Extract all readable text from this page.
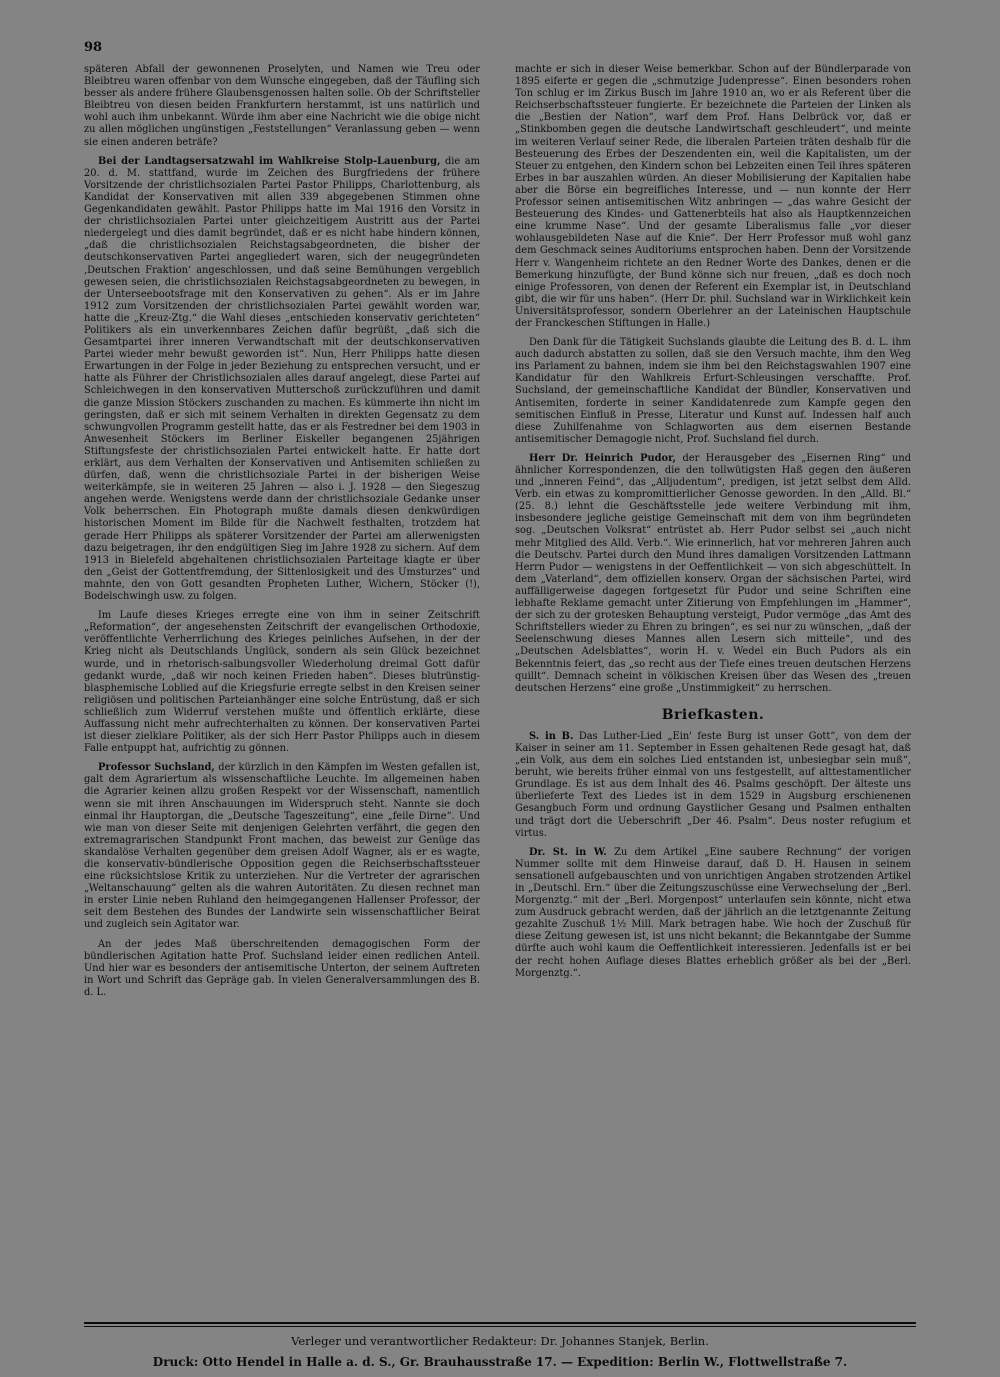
98

späteren Abfall der gewonnenen Proselyten, und Namen wie Treu oder Bleibtreu waren offenbar von dem Wunsche eingegeben, daß der Täufling sich besser als andere frühere Glaubensgenossen halten solle. Ob der Schriftsteller Bleibtreu von diesen beiden Frankfurtern herstammt, ist uns natürlich und wohl auch ihm unbekannt. Würde ihm aber eine Nachricht wie die obige nicht zu allen möglichen ungünstigen „Feststellungen“ Veranlassung geben — wenn sie einen anderen beträfe?

Bei der Landtagsersatzwahl im Wahlkreise Stolp-Lauenburg, die am 20. d. M. stattfand, wurde im Zeichen des Burgfriedens der frühere Vorsitzende der christlichsozialen Partei Pastor Philipps, Charlottenburg, als Kandidat der Konservativen mit allen 339 abgegebenen Stimmen ohne Gegenkandidaten gewählt. Pastor Philipps hatte im Mai 1916 den Vorsitz in der christlichsozialen Partei unter gleichzeitigem Austritt aus der Partei niedergelegt und dies damit begründet, daß er es nicht habe hindern können, „daß die christlichsozialen Reichstagsabgeordneten, die bisher der deutschkonservativen Partei angegliedert waren, sich der neugegründeten ‚Deutschen Fraktion‘ angeschlossen, und daß seine Bemühungen vergeblich gewesen seien, die christlichsozialen Reichstagsabgeordneten zu bewegen, in der Unterseebootsfrage mit den Konservativen zu gehen“. Als er im Jahre 1912 zum Vorsitzenden der christlichsozialen Partei gewählt worden war, hatte die „Kreuz-Ztg.“ die Wahl dieses „entschieden konservativ gerichteten“ Politikers als ein unverkennbares Zeichen dafür begrüßt, „daß sich die Gesamtpartei ihrer inneren Verwandtschaft mit der deutschkonservativen Partei wieder mehr bewußt geworden ist“. Nun, Herr Philipps hatte diesen Erwartungen in der Folge in jeder Beziehung zu entsprechen versucht, und er hatte als Führer der Christlichsozialen alles darauf angelegt, diese Partei auf Schleichwegen in den konservativen Mutterschoß zurückzuführen und damit die ganze Mission Stöckers zuschanden zu machen. Es kümmerte ihn nicht im geringsten, daß er sich mit seinem Verhalten in direkten Gegensatz zu dem schwungvollen Programm gestellt hatte, das er als Festredner bei dem 1903 in Anwesenheit Stöckers im Berliner Eiskeller begangenen 25jährigen Stiftungsfeste der christlichsozialen Partei entwickelt hatte. Er hatte dort erklärt, aus dem Verhalten der Konservativen und Antisemiten schließen zu dürfen, daß, wenn die christlichsoziale Partei in der bisherigen Weise weiterkämpfe, sie in weiteren 25 Jahren — also i. J. 1928 — den Siegeszug angehen werde. Wenigstens werde dann der christlichsoziale Gedanke unser Volk beherrschen. Ein Photograph mußte damals diesen denkwürdigen historischen Moment im Bilde für die Nachwelt festhalten, trotzdem hat gerade Herr Philipps als späterer Vorsitzender der Partei am allerwenigsten dazu beigetragen, ihr den endgültigen Sieg im Jahre 1928 zu sichern. Auf dem 1913 in Bielefeld abgehaltenen christlichsozialen Parteitage klagte er über den „Geist der Gottentfremdung, der Sittenlosigkeit und des Umsturzes“ und mahnte, den von Gott gesandten Propheten Luther, Wichern, Stöcker (!), Bodelschwingh usw. zu folgen.

Im Laufe dieses Krieges erregte eine von ihm in seiner Zeitschrift „Reformation“, der angesehensten Zeitschrift der evangelischen Orthodoxie, veröffentlichte Verherrlichung des Krieges peinliches Aufsehen, in der der Krieg nicht als Deutschlands Unglück, sondern als sein Glück bezeichnet wurde, und in rhetorisch-salbungsvoller Wiederholung dreimal Gott dafür gedankt wurde, „daß wir noch keinen Frieden haben“. Dieses blutrünstig-blasphemische Loblied auf die Kriegsfurie erregte selbst in den Kreisen seiner religiösen und politischen Parteianhänger eine solche Entrüstung, daß er sich schließlich zum Widerruf verstehen mußte und öffentlich erklärte, diese Auffassung nicht mehr aufrechterhalten zu können. Der konservativen Partei ist dieser zielklare Politiker, als der sich Herr Pastor Philipps auch in diesem Falle entpuppt hat, aufrichtig zu gönnen.

Professor Suchsland, der kürzlich in den Kämpfen im Westen gefallen ist, galt dem Agrariertum als wissenschaftliche Leuchte. Im allgemeinen haben die Agrarier keinen allzu großen Respekt vor der Wissenschaft, namentlich wenn sie mit ihren Anschauungen im Widerspruch steht. Nannte sie doch einmal ihr Hauptorgan, die „Deutsche Tageszeitung“, eine „feile Dirne“. Und wie man von dieser Seite mit denjenigen Gelehrten verfährt, die gegen den extremagrarischen Standpunkt Front machen, das beweist zur Genüge das skandalöse Verhalten gegenüber dem greisen Adolf Wagner, als er es wagte, die konservativ-bündlerische Opposition gegen die Reichserbschaftssteuer eine rücksichtslose Kritik zu unterziehen. Nur die Vertreter der agrarischen „Weltanschauung“ gelten als die wahren Autoritäten. Zu diesen rechnet man in erster Linie neben Ruhland den heimgegangenen Hallenser Professor, der seit dem Bestehen des Bundes der Landwirte sein wissenschaftlicher Beirat und zugleich sein Agitator war.

An der jedes Maß überschreitenden demagogischen Form der bündlerischen Agitation hatte Prof. Suchsland leider einen redlichen Anteil. Und hier war es besonders der antisemitische Unterton, der seinem Auftreten in Wort und Schrift das Gepräge gab. In vielen Generalversammlungen des B. d. L.

machte er sich in dieser Weise bemerkbar. Schon auf der Bündlerparade von 1895 eiferte er gegen die „schmutzige Judenpresse“. Einen besonders rohen Ton schlug er im Zirkus Busch im Jahre 1910 an, wo er als Referent über die Reichserbschaftssteuer fungierte. Er bezeichnete die Parteien der Linken als die „Bestien der Nation“, warf dem Prof. Hans Delbrück vor, daß er „Stinkbomben gegen die deutsche Landwirtschaft geschleudert“, und meinte im weiteren Verlauf seiner Rede, die liberalen Parteien träten deshalb für die Besteuerung des Erbes der Deszendenten ein, weil die Kapitalisten, um der Steuer zu entgehen, den Kindern schon bei Lebzeiten einen Teil ihres späteren Erbes in bar auszahlen würden. An dieser Mobilisierung der Kapitalien habe aber die Börse ein begreifliches Interesse, und — nun konnte der Herr Professor seinen antisemitischen Witz anbringen — „das wahre Gesicht der Besteuerung des Kindes- und Gattenerbteils hat also als Hauptkennzeichen eine krumme Nase“. Und der gesamte Liberalismus falle „vor dieser wohlausgebildeten Nase auf die Knie“. Der Herr Professor muß wohl ganz dem Geschmack seines Auditoriums entsprochen haben. Denn der Vorsitzende Herr v. Wangenheim richtete an den Redner Worte des Dankes, denen er die Bemerkung hinzufügte, der Bund könne sich nur freuen, „daß es doch noch einige Professoren, von denen der Referent ein Exemplar ist, in Deutschland gibt, die wir für uns haben“. (Herr Dr. phil. Suchsland war in Wirklichkeit kein Universitätsprofessor, sondern Oberlehrer an der Lateinischen Hauptschule der Franckeschen Stiftungen in Halle.)

Den Dank für die Tätigkeit Suchslands glaubte die Leitung des B. d. L. ihm auch dadurch abstatten zu sollen, daß sie den Versuch machte, ihm den Weg ins Parlament zu bahnen, indem sie ihm bei den Reichstagswahlen 1907 eine Kandidatur für den Wahlkreis Erfurt-Schleusingen verschaffte. Prof. Suchsland, der gemeinschaftliche Kandidat der Bündler, Konservativen und Antisemiten, forderte in seiner Kandidatenrede zum Kampfe gegen den semitischen Einfluß in Presse, Literatur und Kunst auf. Indessen half auch diese Zuhilfenahme von Schlagworten aus dem eisernen Bestande antisemitischer Demagogie nicht, Prof. Suchsland fiel durch.

Herr Dr. Heinrich Pudor, der Herausgeber des „Eisernen Ring“ und ähnlicher Korrespondenzen, die den tollwütigsten Haß gegen den äußeren und „inneren Feind“, das „Alljudentum“, predigen, ist jetzt selbst dem Alld. Verb. ein etwas zu kompromittierlicher Genosse geworden. In den „Alld. Bl.“ (25. 8.) lehnt die Geschäftsstelle jede weitere Verbindung mit ihm, insbesondere jegliche geistige Gemeinschaft mit dem von ihm begründeten sog. „Deutschen Volksrat“ entrüstet ab. Herr Pudor selbst sei „auch nicht mehr Mitglied des Alld. Verb.“. Wie erinnerlich, hat vor mehreren Jahren auch die Deutschv. Partei durch den Mund ihres damaligen Vorsitzenden Lattmann Herrn Pudor — wenigstens in der Oeffentlichkeit — von sich abgeschüttelt. In dem „Vaterland“, dem offiziellen konserv. Organ der sächsischen Partei, wird auffälligerweise dagegen fortgesetzt für Pudor und seine Schriften eine lebhafte Reklame gemacht unter Zitierung von Empfehlungen im „Hammer“, der sich zu der grotesken Behauptung versteigt, Pudor vermöge „das Amt des Schriftstellers wieder zu Ehren zu bringen“, es sei nur zu wünschen, „daß der Seelenschwung dieses Mannes allen Lesern sich mitteile“, und des „Deutschen Adelsblattes“, worin H. v. Wedel ein Buch Pudors als ein Bekenntnis feiert, das „so recht aus der Tiefe eines treuen deutschen Herzens quillt“. Demnach scheint in völkischen Kreisen über das Wesen des „treuen deutschen Herzens“ eine große „Unstimmigkeit“ zu herrschen.

Briefkasten.

S. in B. Das Luther-Lied „Ein' feste Burg ist unser Gott“, von dem der Kaiser in seiner am 11. September in Essen gehaltenen Rede gesagt hat, daß „ein Volk, aus dem ein solches Lied entstanden ist, unbesiegbar sein muß“, beruht, wie bereits früher einmal von uns festgestellt, auf alttestamentlicher Grundlage. Es ist aus dem Inhalt des 46. Psalms geschöpft. Der älteste uns überlieferte Text des Liedes ist in dem 1529 in Augsburg erschienenen Gesangbuch Form und ordnung Gaystlicher Gesang und Psalmen enthalten und trägt dort die Ueberschrift „Der 46. Psalm“. Deus noster refugium et virtus.

Dr. St. in W. Zu dem Artikel „Eine saubere Rechnung“ der vorigen Nummer sollte mit dem Hinweise darauf, daß D. H. Hausen in seinem sensationell aufgebauschten und von unrichtigen Angaben strotzenden Artikel in „Deutschl. Ern.“ über die Zeitungszuschüsse eine Verwechselung der „Berl. Morgenztg.“ mit der „Berl. Morgenpost“ unterlaufen sein könnte, nicht etwa zum Ausdruck gebracht werden, daß der jährlich an die letztgenannte Zeitung gezahlte Zuschuß 1½ Mill. Mark betragen habe. Wie hoch der Zuschuß für diese Zeitung gewesen ist, ist uns nicht bekannt; die Bekanntgabe der Summe dürfte auch wohl kaum die Oeffentlichkeit interessieren. Jedenfalls ist er bei der recht hohen Auflage dieses Blattes erheblich größer als bei der „Berl. Morgenztg.“.

Verleger und verantwortlicher Redakteur: Dr. Johannes Stanjek, Berlin.
Druck: Otto Hendel in Halle a. d. S., Gr. Brauhausstraße 17. — Expedition: Berlin W., Flottwellstraße 7.
